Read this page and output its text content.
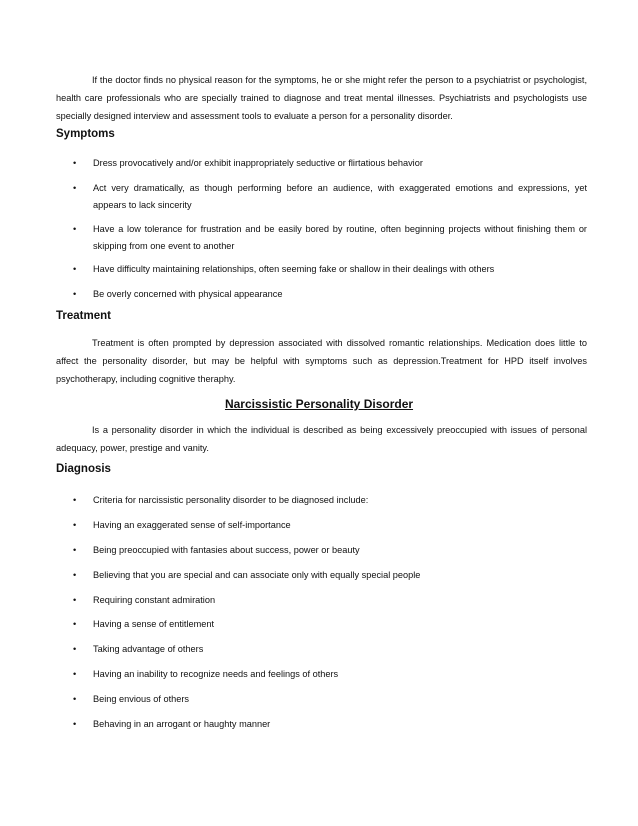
If the doctor finds no physical reason for the symptoms, he or she might refer the person to a psychiatrist or psychologist, health care professionals who are specially trained to diagnose and treat mental illnesses. Psychiatrists and psychologists use specially designed interview and assessment tools to evaluate a person for a personality disorder.

Symptoms
• Dress provocatively and/or exhibit inappropriately seductive or flirtatious behavior
• Act very dramatically, as though performing before an audience, with exaggerated emotions and expressions, yet appears to lack sincerity
• Have a low tolerance for frustration and be easily bored by routine, often beginning projects without finishing them or skipping from one event to another
• Have difficulty maintaining relationships, often seeming fake or shallow in their dealings with others
• Be overly concerned with physical appearance
Treatment

Treatment is often prompted by depression associated with dissolved romantic relationships. Medication does little to affect the personality disorder, but may be helpful with symptoms such as depression.Treatment for HPD itself involves psychotherapy, including cognitive theraphy.

Narcissistic Personality Disorder

Is a personality disorder in which the individual is described as being excessively preoccupied with issues of personal adequacy, power, prestige and vanity.

Diagnosis
• Criteria for narcissistic personality disorder to be diagnosed include:
• Having an exaggerated sense of self-importance
• Being preoccupied with fantasies about success, power or beauty
• Believing that you are special and can associate only with equally special people
• Requiring constant admiration
• Having a sense of entitlement
• Taking advantage of others
• Having an inability to recognize needs and feelings of others
• Being envious of others
• Behaving in an arrogant or haughty manner
